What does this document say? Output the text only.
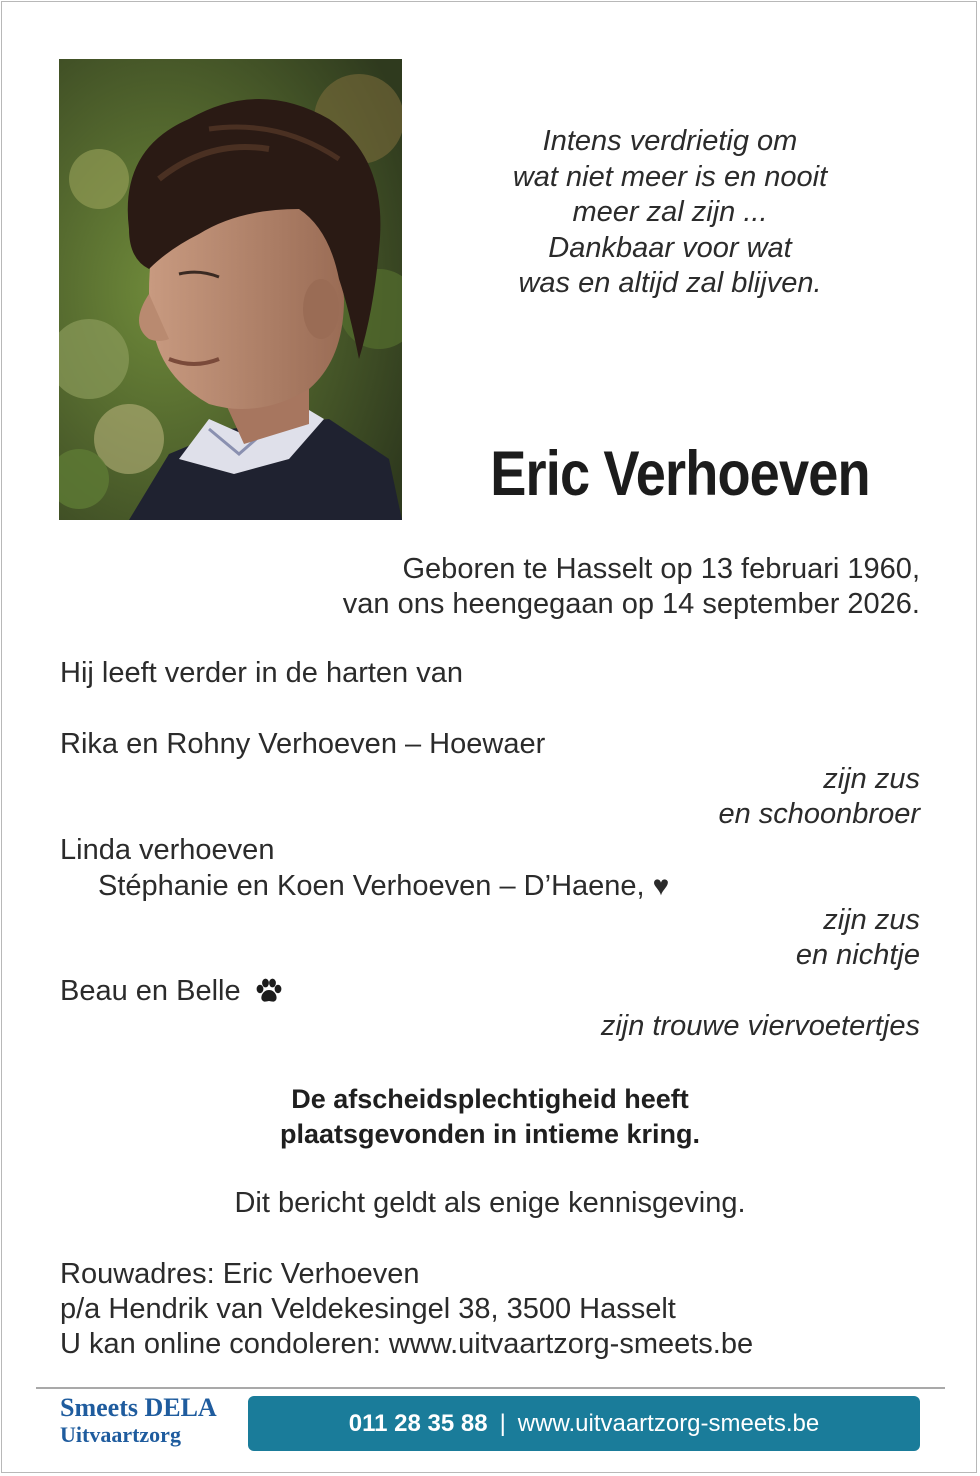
Intens verdrietig om
wat niet meer is en nooit
meer zal zijn ...
Dankbaar voor wat
was en altijd zal blijven.
Eric Verhoeven
Geboren te Hasselt op 13 februari 1960,
van ons heengegaan op 14 september 2026.
Hij leeft verder in de harten van
Rika en Rohny Verhoeven – Hoewaer
zijn zus
en schoonbroer
Linda verhoeven
Stéphanie en Koen Verhoeven – D’Haene, ♥
zijn zus
en nichtje
Beau en Belle
zijn trouwe viervoetertjes
De afscheidsplechtigheid heeft
plaatsgevonden in intieme kring.
Dit bericht geldt als enige kennisgeving.
Rouwadres: Eric Verhoeven
p/a Hendrik van Veldekesingel 38, 3500 Hasselt
U kan online condoleren: www.uitvaartzorg-smeets.be
Smeets DELA
Uitvaartzorg	011 28 35 88 | www.uitvaartzorg-smeets.be
